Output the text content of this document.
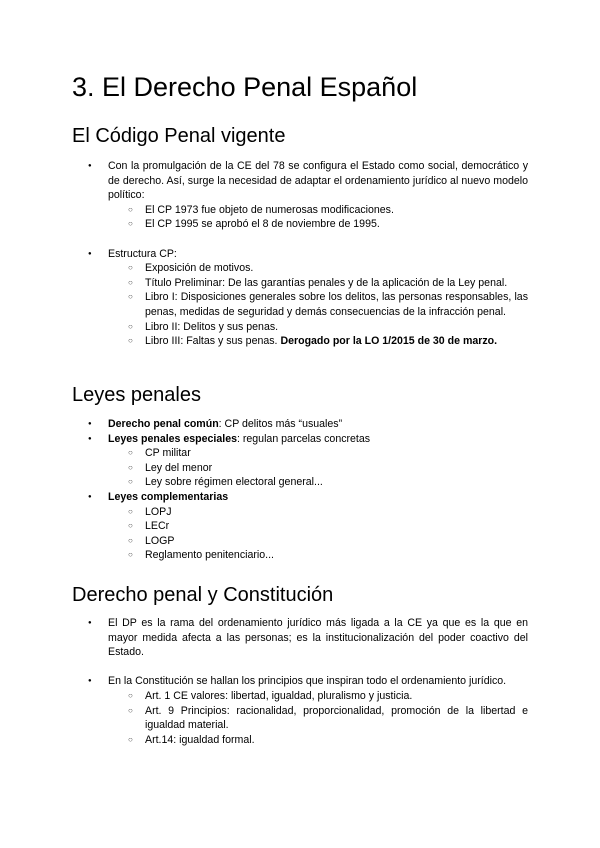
3. El Derecho Penal Español
El Código Penal vigente
● Con la promulgación de la CE del 78 se configura el Estado como social, democrático y de derecho. Así, surge la necesidad de adaptar el ordenamiento jurídico al nuevo modelo político:
○ El CP 1973 fue objeto de numerosas modificaciones.
○ El CP 1995 se aprobó el 8 de noviembre de 1995.
● Estructura CP:
○ Exposición de motivos.
○ Título Preliminar: De las garantías penales y de la aplicación de la Ley penal.
○ Libro I: Disposiciones generales sobre los delitos, las personas responsables, las penas, medidas de seguridad y demás consecuencias de la infracción penal.
○ Libro II: Delitos y sus penas.
○ Libro III: Faltas y sus penas. Derogado por la LO 1/2015 de 30 de marzo.
Leyes penales
● Derecho penal común: CP delitos más “usuales”
● Leyes penales especiales: regulan parcelas concretas
○ CP militar
○ Ley del menor
○ Ley sobre régimen electoral general...
● Leyes complementarias
○ LOPJ
○ LECr
○ LOGP
○ Reglamento penitenciario...
Derecho penal y Constitución
● El DP es la rama del ordenamiento jurídico más ligada a la CE ya que es la que en mayor medida afecta a las personas; es la institucionalización del poder coactivo del Estado.
● En la Constitución se hallan los principios que inspiran todo el ordenamiento jurídico.
○ Art. 1 CE valores: libertad, igualdad, pluralismo y justicia.
○ Art. 9 Principios: racionalidad, proporcionalidad, promoción de la libertad e igualdad material.
○ Art.14: igualdad formal.
